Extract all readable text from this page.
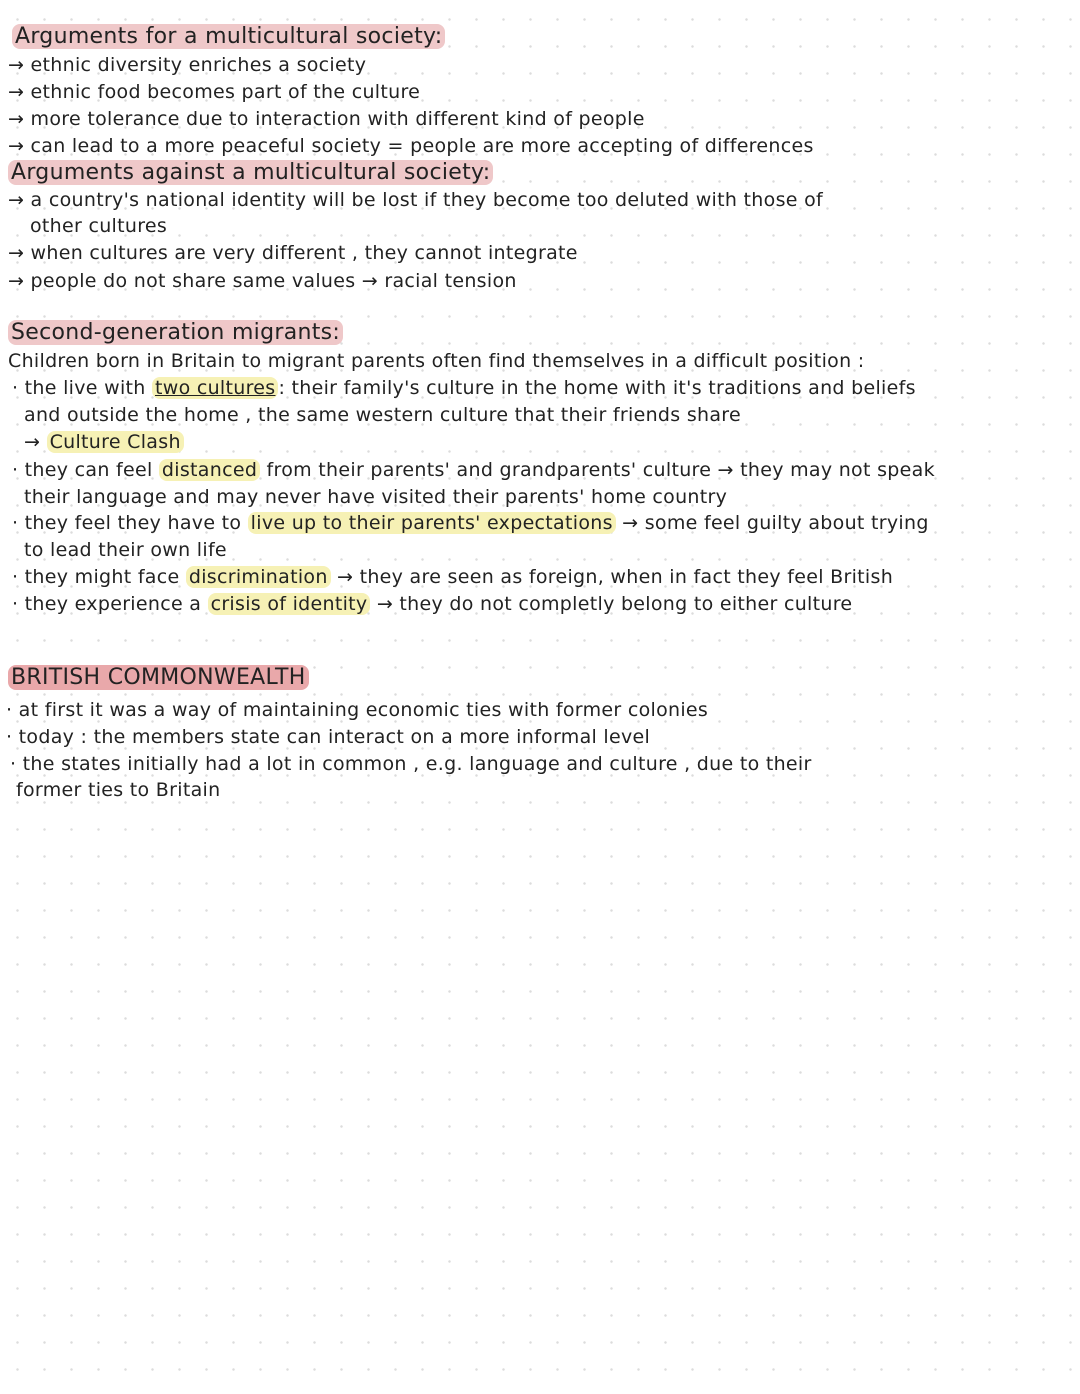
Arguments for a multicultural society:
→ ethnic diversity enriches a society
→ ethnic food becomes part of the culture
→ more tolerance due to interaction with different kind of people
→ can lead to a more peaceful society = people are more accepting of differences
Arguments against a multicultural society:
→ a country's national identity will be lost if they become too deluted with those of
other cultures
→ when cultures are very different , they cannot integrate
→ people do not share same values → racial tension
Second-generation migrants:
Children born in Britain to migrant parents often find themselves in a difficult position :
· the live with two cultures : their family's culture in the home with it's traditions and beliefs
and outside the home , the same western culture that their friends share
→ Culture Clash
· they can feel distanced from their parents' and grandparents' culture → they may not speak
their language and may never have visited their parents' home country
· they feel they have to live up to their parents' expectations → some feel guilty about trying
to lead their own life
· they might face discrimination → they are seen as foreign, when in fact they feel British
· they experience a crisis of identity → they do not completly belong to either culture
BRITISH COMMONWEALTH
· at first it was a way of maintaining economic ties with former colonies
· today : the members state can interact on a more informal level
· the states initially had a lot in common , e.g. language and culture , due to their
former ties to Britain
